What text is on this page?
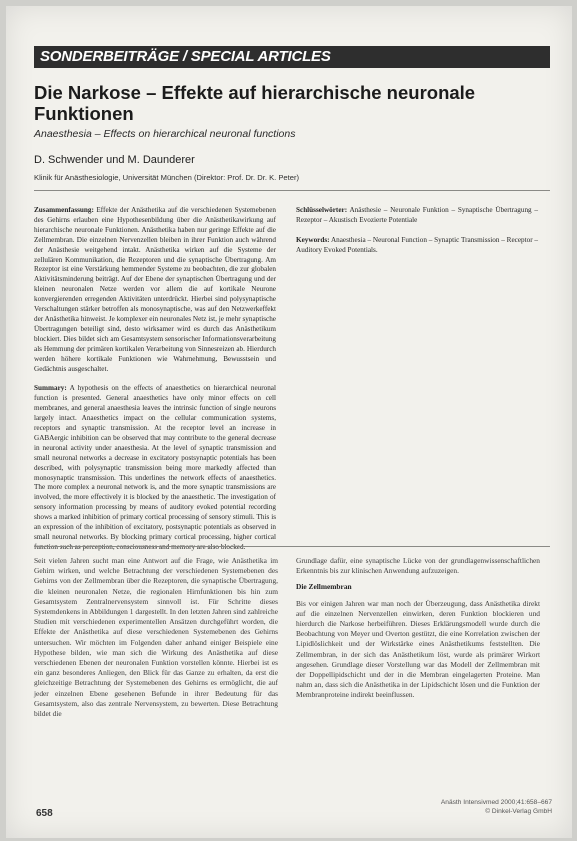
SONDERBEITRÄGE / SPECIAL ARTICLES
Die Narkose – Effekte auf hierarchische neuronale Funktionen
Anaesthesia – Effects on hierarchical neuronal functions
D. Schwender und M. Daunderer
Klinik für Anästhesiologie, Universität München (Direktor: Prof. Dr. Dr. K. Peter)

Zusammenfassung: Effekte der Anästhetika auf die verschiedenen Systemebenen des Gehirns erlauben eine Hypothesenbildung über die Anästhetikawirkung auf hierarchische neuronale Funktionen. Anästhetika haben nur geringe Effekte auf die Zellmembran. Die einzelnen Nervenzellen bleiben in ihrer Funktion auch während der Anästhesie weitgehend intakt. Anästhetika wirken auf die Systeme der zellulären Kommunikation, die Rezeptoren und die synaptische Übertragung. Am Rezeptor ist eine Verstärkung hemmender Systeme zu beobachten, die zur globalen Aktivitätsminderung beiträgt. Auf der Ebene der synaptischen Übertragung und der kleinen neuronalen Netze werden vor allem die auf kortikale Neurone konvergierenden erregenden Aktivitäten unterdrückt. Hierbei sind polysynaptische Verschaltungen stärker betroffen als monosynaptische, was auf den Netzwerkeffekt der Anästhetika hinweist. Je komplexer ein neuronales Netz ist, je mehr synaptische Übertragungen beteiligt sind, desto wirksamer wird es durch das Anästhetikum blockiert. Dies bildet sich am Gesamtsystem sensorischer Informationsverarbeitung als Hemmung der primären kortikalen Verarbeitung von Sinnesreizen ab. Hierdurch werden höhere kortikale Funktionen wie Wahrnehmung, Bewusstsein und Gedächtnis ausgeschaltet.

Summary: A hypothesis on the effects of anaesthetics on hierarchical neuronal function is presented. General anaesthetics have only minor effects on cell membranes, and general anaesthesia leaves the intrinsic function of single neurons largely intact. Anaesthetics impact on the cellular communication systems, receptors and synaptic transmission. At the receptor level an increase in GABAergic inhibition can be observed that may contribute to the general decrease in neuronal activity under anaesthesia. At the level of synaptic transmission and small neuronal networks a decrease in excitatory postsynaptic potentials has been described, with polysynaptic transmission being more markedly affected than monosynaptic transmission. This underlines the network effects of anaesthetics. The more complex a neuronal network is, and the more synaptic transmissions are involved, the more effectively it is blocked by the anaesthetic. The investigation of sensory information processing by means of auditory evoked potential recording shows a marked inhibition of primary cortical processing of sensory stimuli. This is an expression of the inhibition of excitatory, postsynaptic potentials as observed in small neuronal networks. By blocking primary cortical processing, higher cortical

Schlüsselwörter: Anästhesie – Neuronale Funktion – Synaptische Übertragung – Rezeptor – Akustisch Evozierte Potentiale

Keywords: Anaesthesia – Neuronal Function – Synaptic Transmission – Receptor – Auditory Evoked Potentials.

Seit vielen Jahren sucht man eine Antwort auf die Frage, wie Anästhetika im Gehirn wirken, und welche Betrachtung der verschiedenen Systemebenen des Gehirns von der Zellmembran über die Rezeptoren, die synaptische Übertragung, die kleinen neuronalen Netze, die regionalen Hirnfunktionen bis hin zum Gesamtsystem Zentralnervensystem sinnvoll ist. Für Schritte dieses Systemdenkens in Abbildungen 1 dargestellt. In den letzten Jahren sind zahlreiche Studien mit verschiedenen experimentellen Ansätzen durchgeführt worden, die Effekte der Anästhetika auf diese verschiedenen Systemebenen des Gehirns untersuchen. Wir möchten im Folgenden daher anhand einiger Beispiele eine Hypothese bilden, wie man sich die Wirkung des Anästhetika auf diese verschiedenen Ebenen der neuronalen Funktion vorstellen könnte. Hierbei ist es ein ganz besonderes Anliegen, den Blick für das Ganze zu erhalten, da erst die gleichzeitige Betrachtung der Systemebenen des Gehirns es ermöglicht, die auf jeder einzelnen Ebene gesehenen Befunde in ihrer Bedeutung für das Gesamtsystem, also das zentrale Nervensystem, zu bewerten. Diese Betrachtung bildet die

Grundlage dafür, eine synaptische Lücke von der grundlagenwissenschaftlichen Erkenntnis bis zur klinischen Anwendung aufzuzeigen.

Die Zellmembran

Bis vor einigen Jahren war man noch der Überzeugung, dass Anästhetika direkt auf die einzelnen Nervenzellen einwirken, deren Funktion blockieren und hierdurch die Narkose herbeiführen. Dieses Erklärungsmodell wurde durch die Beobachtung von Meyer und Overton gestützt, die eine Korrelation zwischen der Lipidlöslichkeit und der Wirkstärke eines Anästhetikums feststellten. Die Zellmembran, in der sich das Anästhetikum löst, wurde als primärer Wirkort angesehen. Grundlage dieser Vorstellung war das Modell der Zellmembran mit der Doppellipidschicht und der in die Membran eingelagerten Proteine. Man nahm an, dass sich die Anästhetika in der Lipidschicht lösen und die Funktion der Membranproteine indirekt beeinflussen.

658
Anästh Intensivmed 2000;41:658–667
© Dinkel-Verlag GmbH
